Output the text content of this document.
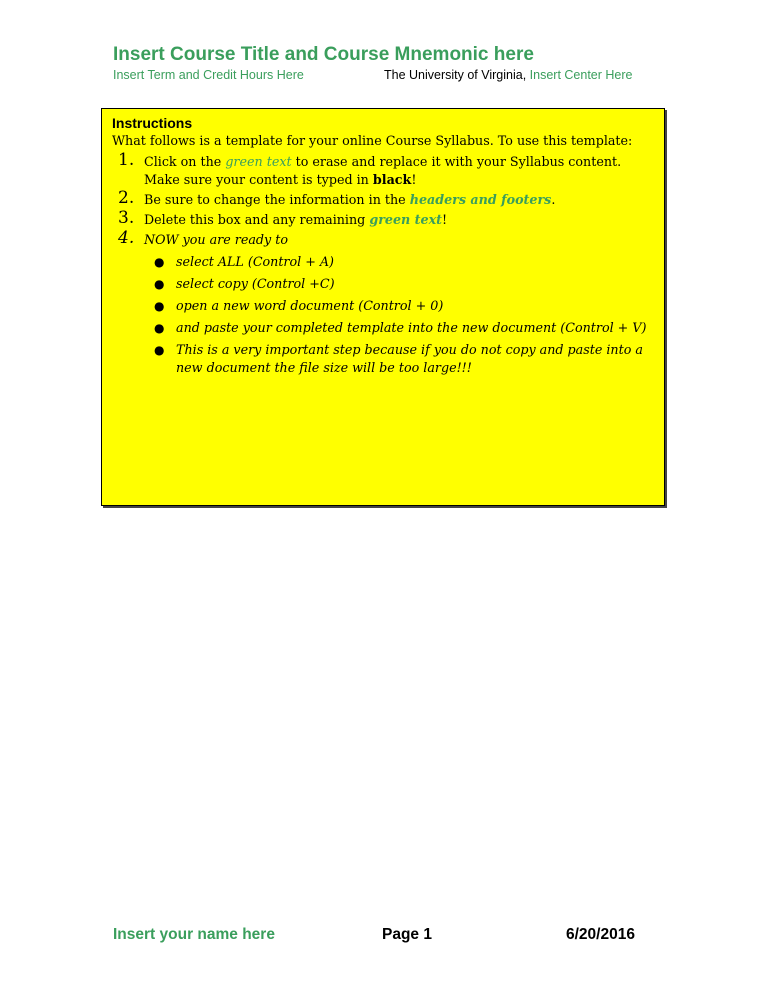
Insert Course Title and Course Mnemonic here
Insert Term and Credit Hours Here	The University of Virginia, Insert Center Here
Instructions
What follows is a template for your online Course Syllabus. To use this template:
1. Click on the green text to erase and replace it with your Syllabus content.
Make sure your content is typed in black!
2. Be sure to change the information in the headers and footers.
3. Delete this box and any remaining green text!
4. NOW you are ready to
● select ALL (Control + A)
● select copy (Control +C)
● open a new word document (Control + 0)
● and paste your completed template into the new document (Control + V)
● This is a very important step because if you do not copy and paste into a
new document the file size will be too large!!!
Insert your name here	Page 1	6/20/2016
